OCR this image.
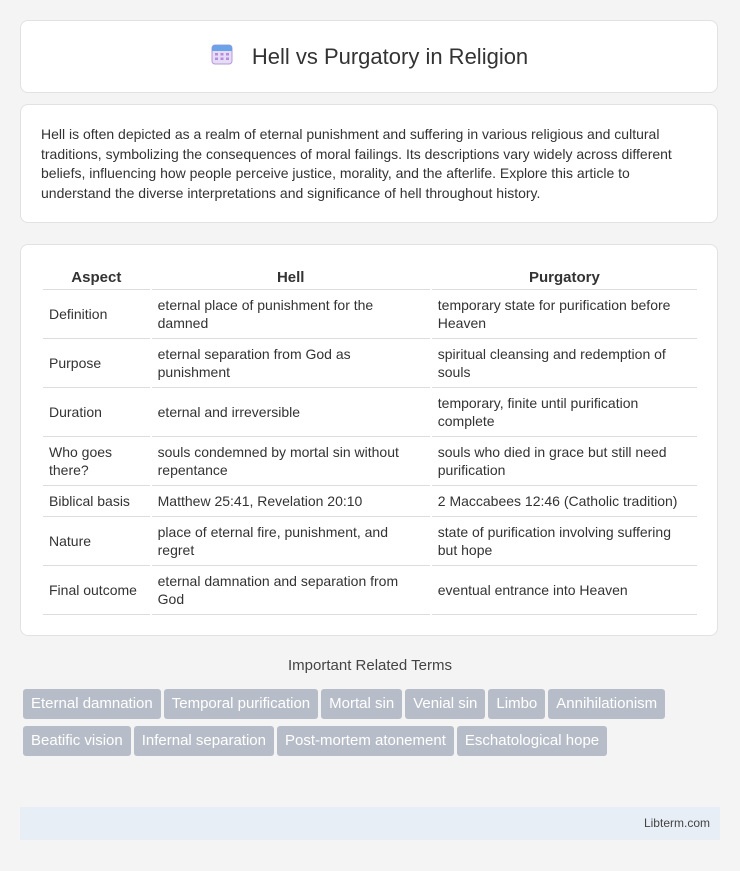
Hell vs Purgatory in Religion

Hell is often depicted as a realm of eternal punishment and suffering in various religious and cultural traditions, symbolizing the consequences of moral failings. Its descriptions vary widely across different beliefs, influencing how people perceive justice, morality, and the afterlife. Explore this article to understand the diverse interpretations and significance of hell throughout history.

Aspect	Hell	Purgatory
Definition	eternal place of punishment for the damned	temporary state for purification before Heaven
Purpose	eternal separation from God as punishment	spiritual cleansing and redemption of souls
Duration	eternal and irreversible	temporary, finite until purification complete
Who goes there?	souls condemned by mortal sin without repentance	souls who died in grace but still need purification
Biblical basis	Matthew 25:41, Revelation 20:10	2 Maccabees 12:46 (Catholic tradition)
Nature	place of eternal fire, punishment, and regret	state of purification involving suffering but hope
Final outcome	eternal damnation and separation from God	eventual entrance into Heaven
Important Related Terms
Eternal damnation Temporal purification Mortal sin Venial sin Limbo AnnihilationismBeatific vision Infernal separation Post-mortem atonement Eschatological hope
Libterm.com
